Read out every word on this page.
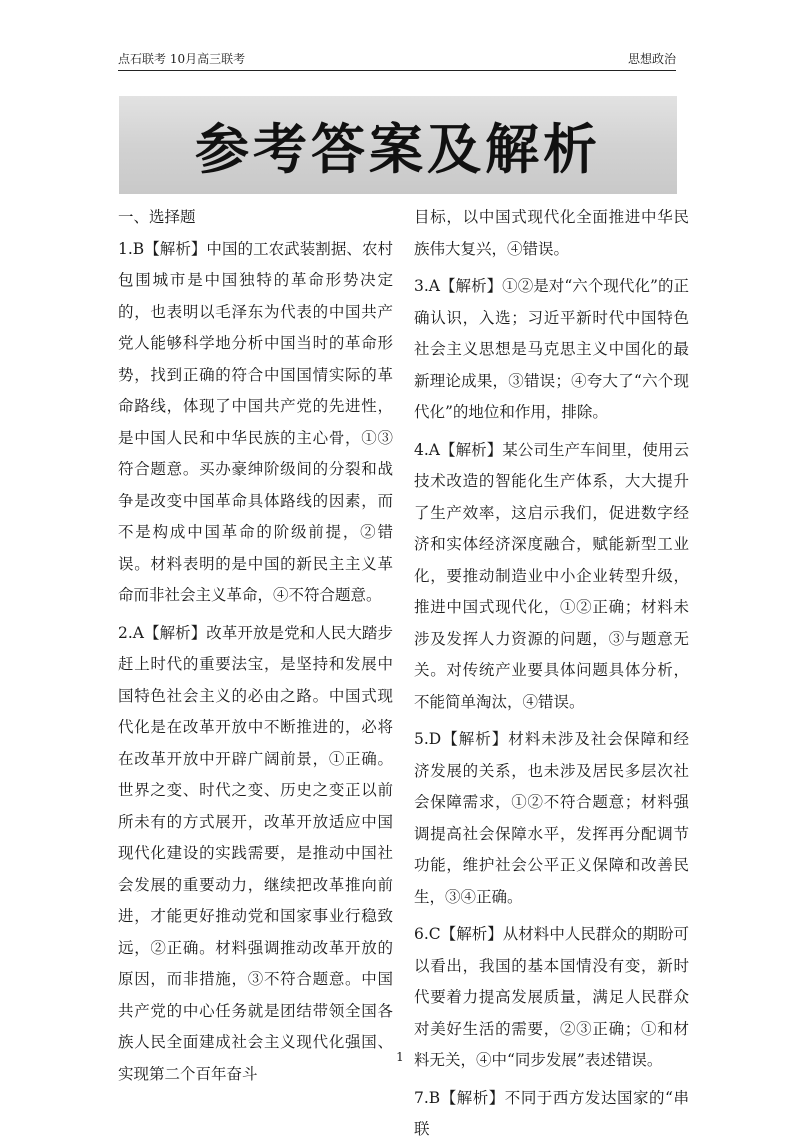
点石联考 10月高三联考	思想政治
参考答案及解析

一、选择题

1.B【解析】中国的工农武装割据、农村包围城市是中国独特的革命形势决定的，也表明以毛泽东为代表的中国共产党人能够科学地分析中国当时的革命形势，找到正确的符合中国国情实际的革命路线，体现了中国共产党的先进性，是中国人民和中华民族的主心骨，①③符合题意。买办豪绅阶级间的分裂和战争是改变中国革命具体路线的因素，而不是构成中国革命的阶级前提，②错误。材料表明的是中国的新民主主义革命而非社会主义革命，④不符合题意。

2.A【解析】改革开放是党和人民大踏步赶上时代的重要法宝，是坚持和发展中国特色社会主义的必由之路。中国式现代化是在改革开放中不断推进的，必将在改革开放中开辟广阔前景，①正确。世界之变、时代之变、历史之变正以前所未有的方式展开，改革开放适应中国现代化建设的实践需要，是推动中国社会发展的重要动力，继续把改革推向前进，才能更好推动党和国家事业行稳致远，②正确。材料强调推动改革开放的原因，而非措施，③不符合题意。中国共产党的中心任务就是团结带领全国各族人民全面建成社会主义现代化强国、实现第二个百年奋斗

目标，以中国式现代化全面推进中华民族伟大复兴，④错误。

3.A【解析】①②是对“六个现代化”的正确认识，入选；习近平新时代中国特色社会主义思想是马克思主义中国化的最新理论成果，③错误；④夸大了“六个现代化”的地位和作用，排除。

4.A【解析】某公司生产车间里，使用云技术改造的智能化生产体系，大大提升了生产效率，这启示我们，促进数字经济和实体经济深度融合，赋能新型工业化，要推动制造业中小企业转型升级，推进中国式现代化，①②正确；材料未涉及发挥人力资源的问题，③与题意无关。对传统产业要具体问题具体分析，不能简单淘汰，④错误。

5.D【解析】材料未涉及社会保障和经济发展的关系，也未涉及居民多层次社会保障需求，①②不符合题意；材料强调提高社会保障水平，发挥再分配调节功能，维护社会公平正义保障和改善民生，③④正确。

6.C【解析】从材料中人民群众的期盼可以看出，我国的基本国情没有变，新时代要着力提高发展质量，满足人民群众对美好生活的需要，②③正确；①和材料无关，④中“同步发展”表述错误。

7.B【解析】不同于西方发达国家的“串联

1
